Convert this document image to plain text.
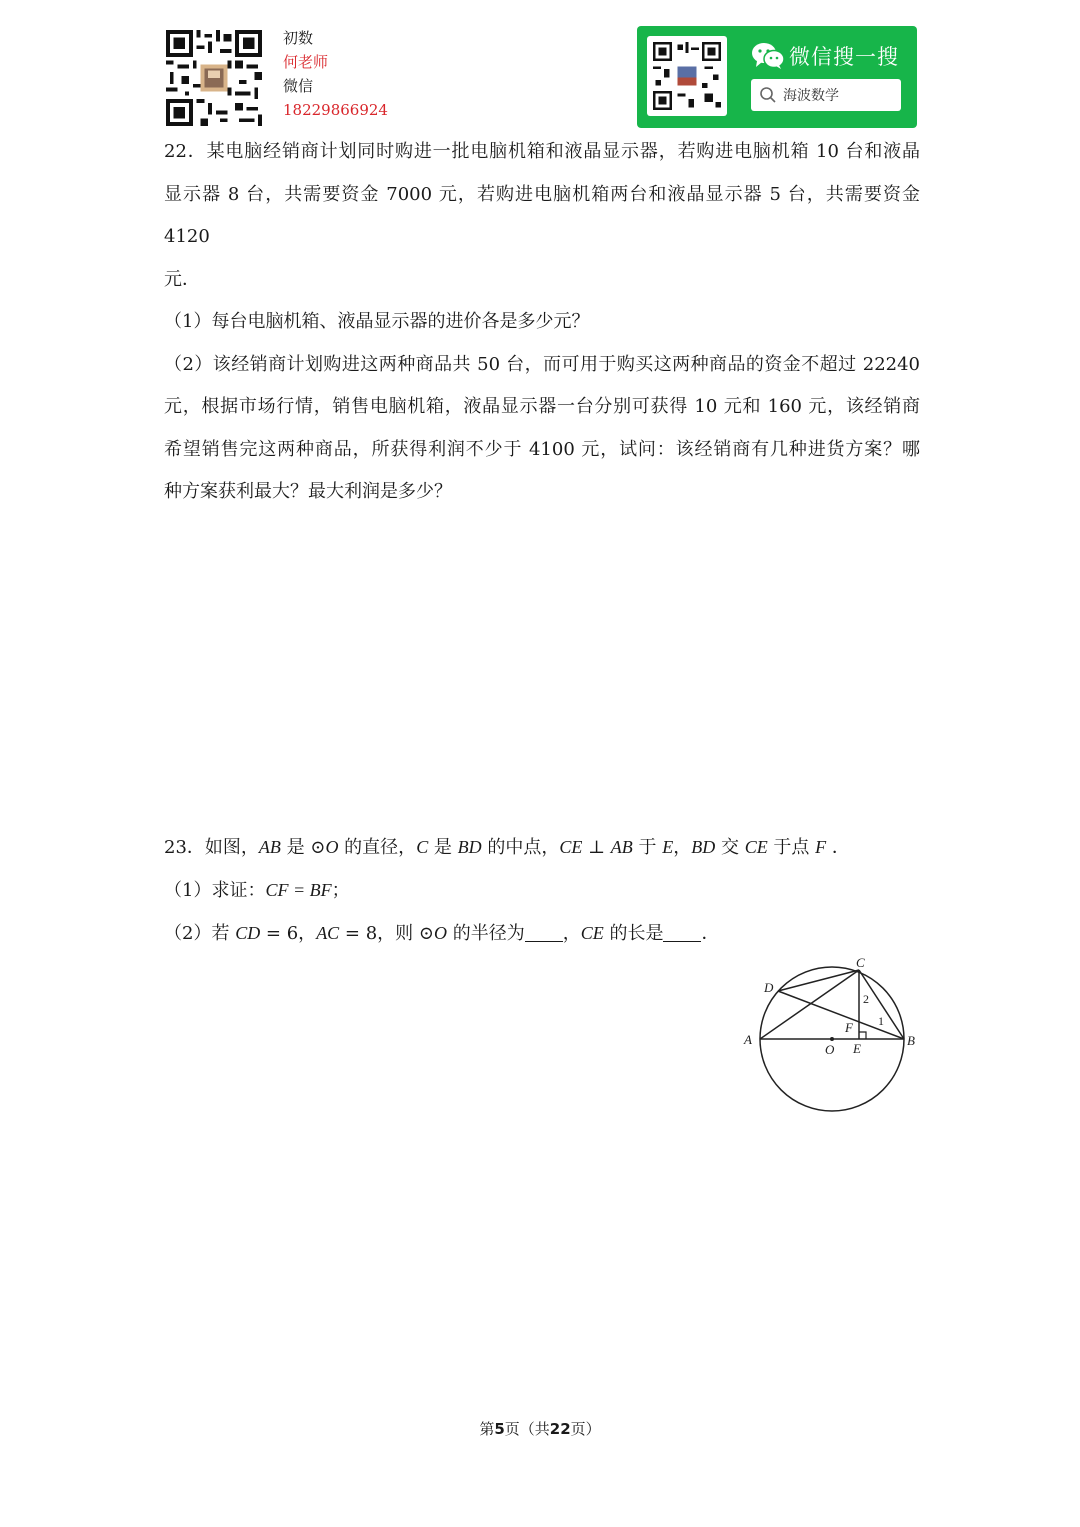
初数
何老师
微信
18229866924
微信搜一搜
海波数学

22．某电脑经销商计划同时购进一批电脑机箱和液晶显示器，若购进电脑机箱 10 台和液晶

显示器 8 台，共需要资金 7000 元，若购进电脑机箱两台和液晶显示器 5 台，共需要资金 4120

元．

（1）每台电脑机箱、液晶显示器的进价各是多少元？

（2）该经销商计划购进这两种商品共 50 台，而可用于购买这两种商品的资金不超过 22240

元，根据市场行情，销售电脑机箱，液晶显示器一台分别可获得 10 元和 160 元，该经销商

希望销售完这两种商品，所获得利润不少于 4100 元，试问：该经销商有几种进货方案？哪

种方案获利最大？最大利润是多少？

23．如图，AB 是 ⊙O 的直径，C 是 BD 的中点，CE ⊥ AB 于 E，BD 交 CE 于点 F ．

（1）求证：CF = BF；

（2）若 CD = 6，AC = 8，则 ⊙O 的半径为 ，CE 的长是 ．

A	B
C
D
E
F
O
1
2
第5页（共22页）
